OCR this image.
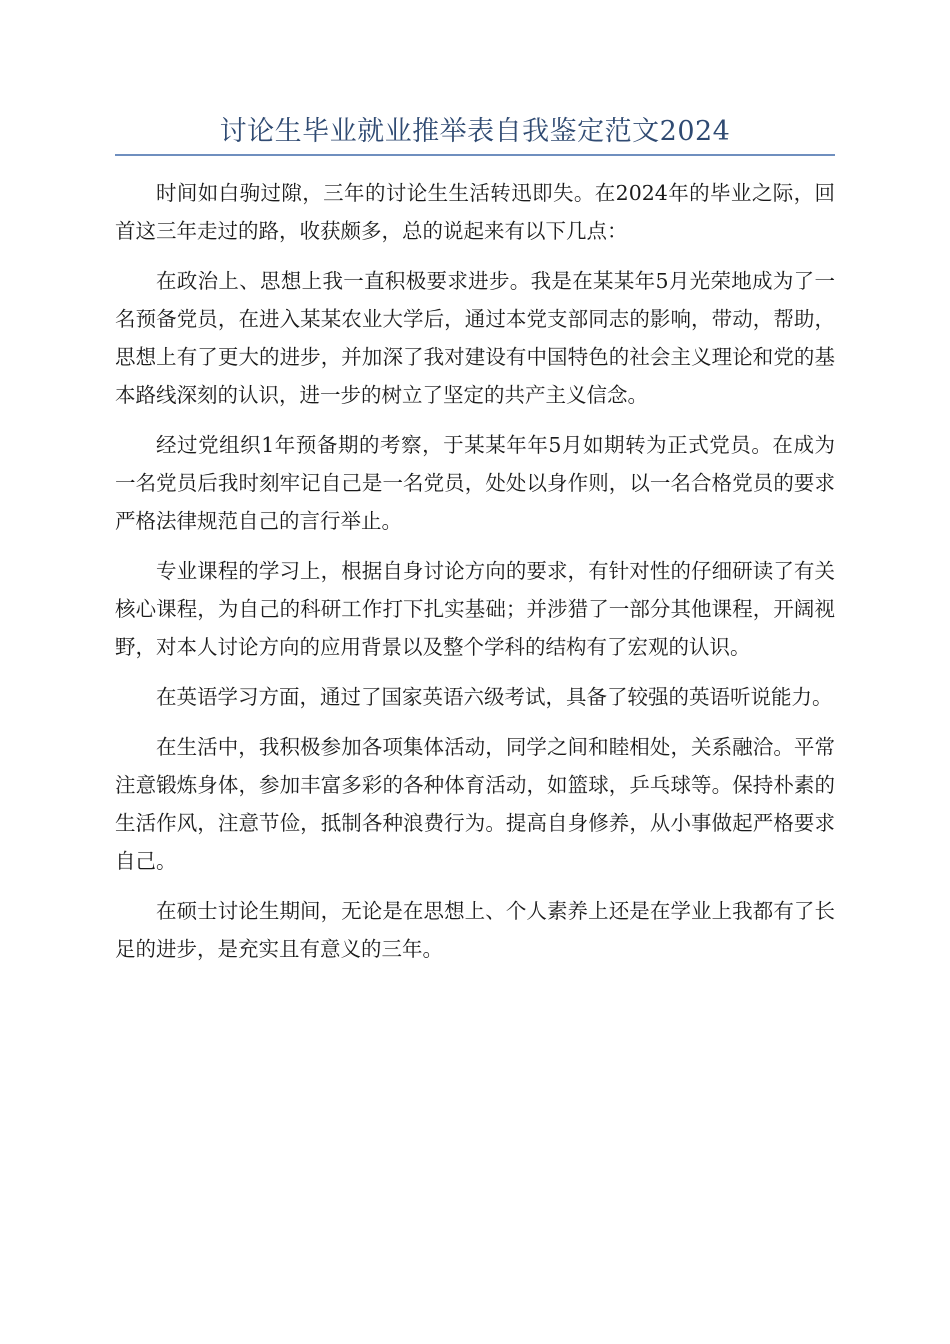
讨论生毕业就业推举表自我鉴定范文2024

时间如白驹过隙，三年的讨论生生活转迅即失。在2024年的毕业之际，回首这三年走过的路，收获颇多，总的说起来有以下几点：

在政治上、思想上我一直积极要求进步。我是在某某年5月光荣地成为了一名预备党员，在进入某某农业大学后，通过本党支部同志的影响，带动，帮助，思想上有了更大的进步，并加深了我对建设有中国特色的社会主义理论和党的基本路线深刻的认识，进一步的树立了坚定的共产主义信念。

经过党组织1年预备期的考察，于某某年年5月如期转为正式党员。在成为一名党员后我时刻牢记自己是一名党员，处处以身作则，以一名合格党员的要求严格法律规范自己的言行举止。

专业课程的学习上，根据自身讨论方向的要求，有针对性的仔细研读了有关核心课程，为自己的科研工作打下扎实基础；并涉猎了一部分其他课程，开阔视野，对本人讨论方向的应用背景以及整个学科的结构有了宏观的认识。

在英语学习方面，通过了国家英语六级考试，具备了较强的英语听说能力。

在生活中，我积极参加各项集体活动，同学之间和睦相处，关系融洽。平常注意锻炼身体，参加丰富多彩的各种体育活动，如篮球，乒乓球等。保持朴素的生活作风，注意节俭，抵制各种浪费行为。提高自身修养，从小事做起严格要求自己。

在硕士讨论生期间，无论是在思想上、个人素养上还是在学业上我都有了长足的进步，是充实且有意义的三年。
